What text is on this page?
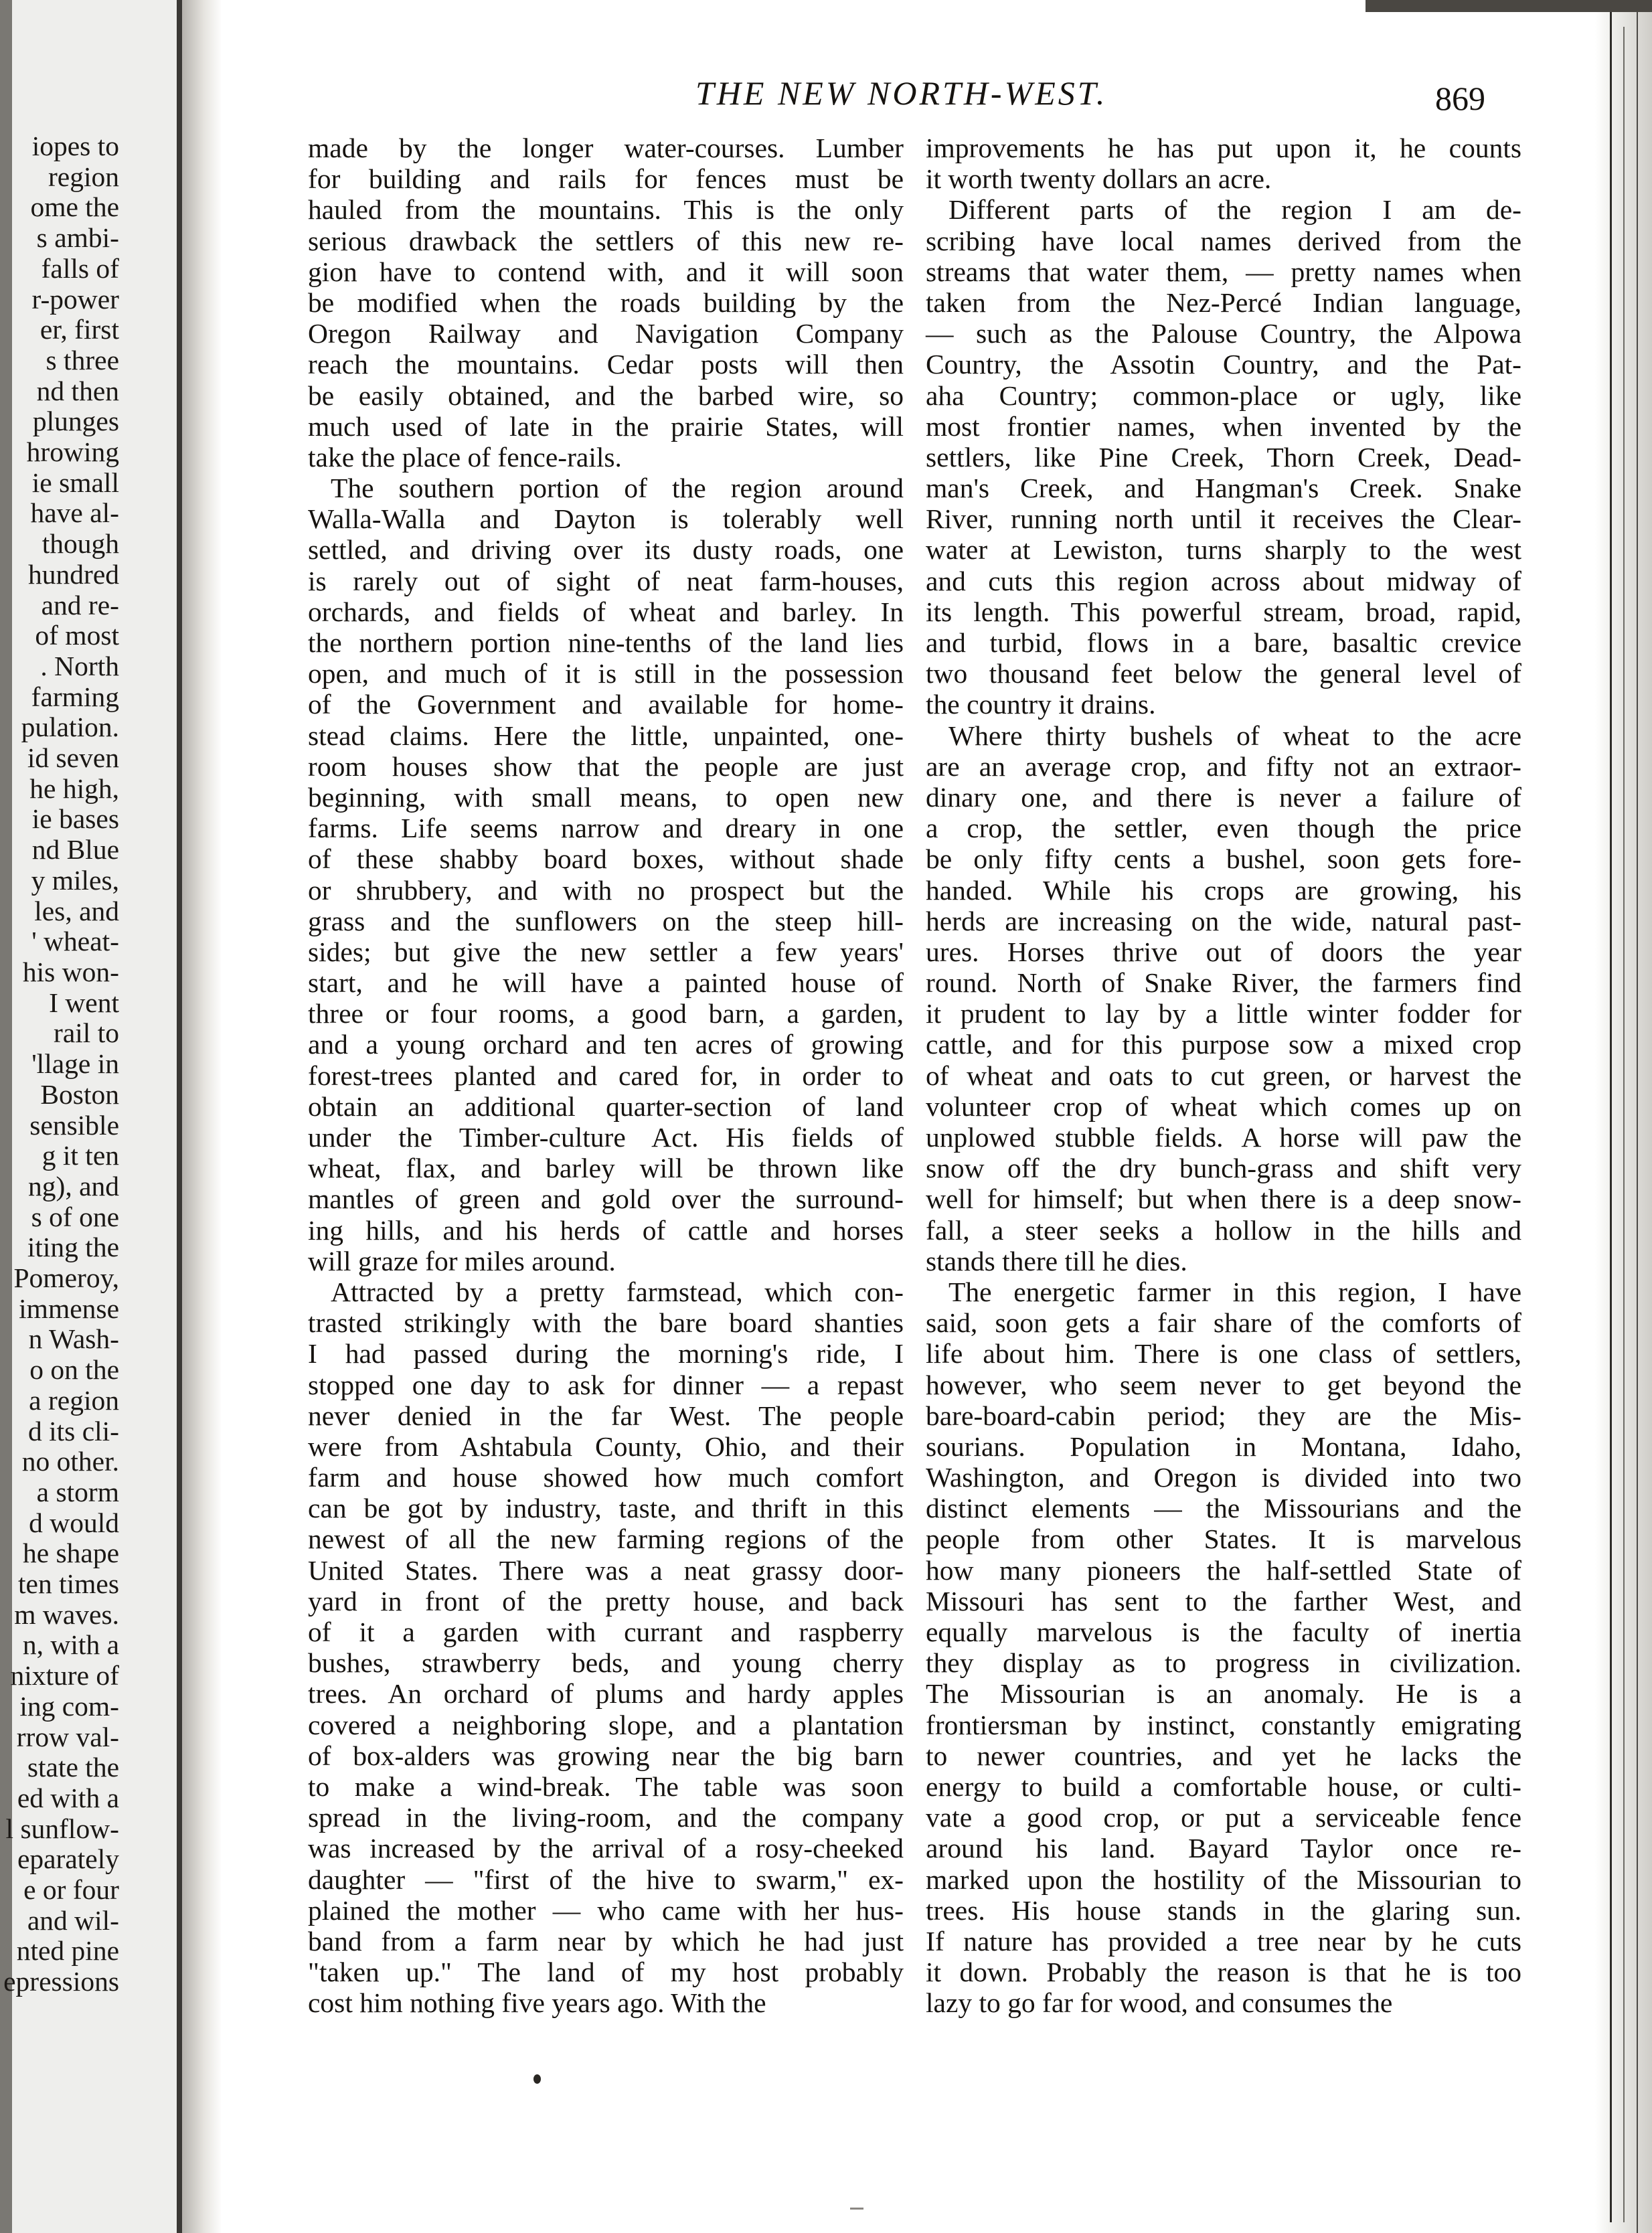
iopes to
region
ome the
s ambi-
falls of
r-power
er, first
s three
nd then
plunges
hrowing
ie small
have al-
though
hundred
and re-
of most
. North
farming
pulation.
id seven
he high,
ie bases
nd Blue
y miles,
les, and
' wheat-
his won-
I went
rail to
'llage in
Boston
sensible
g it ten
ng), and
s of one
iting the
Pomeroy,
immense
n Wash-
o on the
a region
d its cli-
no other.
a storm
d would
he shape
ten times
m waves.
n, with a
nixture of
ing com-
rrow val-
state the
ed with a
l sunflow-
eparately
e or four
and wil-
nted pine
epressions
THE NEW NORTH-WEST.	869
made by the longer water-courses. Lumber
for building and rails for fences must be
hauled from the mountains. This is the only
serious drawback the settlers of this new re-
gion have to contend with, and it will soon
be modified when the roads building by the
Oregon Railway and Navigation Company
reach the mountains. Cedar posts will then
be easily obtained, and the barbed wire, so
much used of late in the prairie States, will
take the place of fence-rails.
The southern portion of the region around
Walla-Walla and Dayton is tolerably well
settled, and driving over its dusty roads, one
is rarely out of sight of neat farm-houses,
orchards, and fields of wheat and barley. In
the northern portion nine-tenths of the land lies
open, and much of it is still in the possession
of the Government and available for home-
stead claims. Here the little, unpainted, one-
room houses show that the people are just
beginning, with small means, to open new
farms. Life seems narrow and dreary in one
of these shabby board boxes, without shade
or shrubbery, and with no prospect but the
grass and the sunflowers on the steep hill-
sides; but give the new settler a few years'
start, and he will have a painted house of
three or four rooms, a good barn, a garden,
and a young orchard and ten acres of growing
forest-trees planted and cared for, in order to
obtain an additional quarter-section of land
under the Timber-culture Act. His fields of
wheat, flax, and barley will be thrown like
mantles of green and gold over the surround-
ing hills, and his herds of cattle and horses
will graze for miles around.
Attracted by a pretty farmstead, which con-
trasted strikingly with the bare board shanties
I had passed during the morning's ride, I
stopped one day to ask for dinner — a repast
never denied in the far West. The people
were from Ashtabula County, Ohio, and their
farm and house showed how much comfort
can be got by industry, taste, and thrift in this
newest of all the new farming regions of the
United States. There was a neat grassy door-
yard in front of the pretty house, and back
of it a garden with currant and raspberry
bushes, strawberry beds, and young cherry
trees. An orchard of plums and hardy apples
covered a neighboring slope, and a plantation
of box-alders was growing near the big barn
to make a wind-break. The table was soon
spread in the living-room, and the company
was increased by the arrival of a rosy-cheeked
daughter — "first of the hive to swarm," ex-
plained the mother — who came with her hus-
band from a farm near by which he had just
"taken up." The land of my host probably
cost him nothing five years ago. With the
improvements he has put upon it, he counts
it worth twenty dollars an acre.
Different parts of the region I am de-
scribing have local names derived from the
streams that water them, — pretty names when
taken from the Nez-Percé Indian language,
— such as the Palouse Country, the Alpowa
Country, the Assotin Country, and the Pat-
aha Country; common-place or ugly, like
most frontier names, when invented by the
settlers, like Pine Creek, Thorn Creek, Dead-
man's Creek, and Hangman's Creek. Snake
River, running north until it receives the Clear-
water at Lewiston, turns sharply to the west
and cuts this region across about midway of
its length. This powerful stream, broad, rapid,
and turbid, flows in a bare, basaltic crevice
two thousand feet below the general level of
the country it drains.
Where thirty bushels of wheat to the acre
are an average crop, and fifty not an extraor-
dinary one, and there is never a failure of
a crop, the settler, even though the price
be only fifty cents a bushel, soon gets fore-
handed. While his crops are growing, his
herds are increasing on the wide, natural past-
ures. Horses thrive out of doors the year
round. North of Snake River, the farmers find
it prudent to lay by a little winter fodder for
cattle, and for this purpose sow a mixed crop
of wheat and oats to cut green, or harvest the
volunteer crop of wheat which comes up on
unplowed stubble fields. A horse will paw the
snow off the dry bunch-grass and shift very
well for himself; but when there is a deep snow-
fall, a steer seeks a hollow in the hills and
stands there till he dies.
The energetic farmer in this region, I have
said, soon gets a fair share of the comforts of
life about him. There is one class of settlers,
however, who seem never to get beyond the
bare-board-cabin period; they are the Mis-
sourians. Population in Montana, Idaho,
Washington, and Oregon is divided into two
distinct elements — the Missourians and the
people from other States. It is marvelous
how many pioneers the half-settled State of
Missouri has sent to the farther West, and
equally marvelous is the faculty of inertia
they display as to progress in civilization.
The Missourian is an anomaly. He is a
frontiersman by instinct, constantly emigrating
to newer countries, and yet he lacks the
energy to build a comfortable house, or culti-
vate a good crop, or put a serviceable fence
around his land. Bayard Taylor once re-
marked upon the hostility of the Missourian to
trees. His house stands in the glaring sun.
If nature has provided a tree near by he cuts
it down. Probably the reason is that he is too
lazy to go far for wood, and consumes the
